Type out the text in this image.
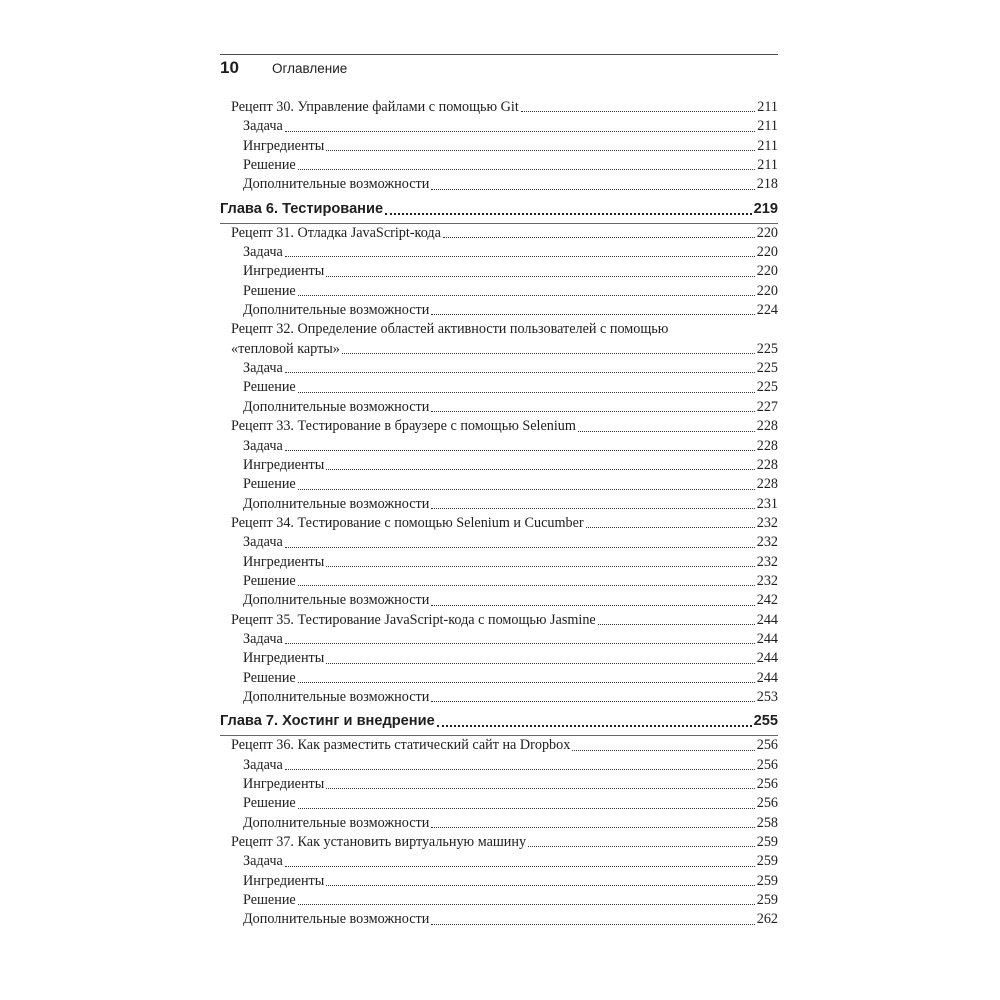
10	Оглавление
Рецепт 30. Управление файлами с помощью Git	211
Задача	211
Ингредиенты	211
Решение	211
Дополнительные возможности	218
Глава 6. Тестирование	219
Рецепт 31. Отладка JavaScript-кода	220
Задача	220
Ингредиенты	220
Решение	220
Дополнительные возможности	224
Рецепт 32. Определение областей активности пользователей с помощью
«тепловой карты»	225
Задача	225
Решение	225
Дополнительные возможности	227
Рецепт 33. Тестирование в браузере с помощью Selenium	228
Задача	228
Ингредиенты	228
Решение	228
Дополнительные возможности	231
Рецепт 34. Тестирование с помощью Selenium и Cucumber	232
Задача	232
Ингредиенты	232
Решение	232
Дополнительные возможности	242
Рецепт 35. Тестирование JavaScript-кода с помощью Jasmine	244
Задача	244
Ингредиенты	244
Решение	244
Дополнительные возможности	253
Глава 7. Хостинг и внедрение	255
Рецепт 36. Как разместить статический сайт на Dropbox	256
Задача	256
Ингредиенты	256
Решение	256
Дополнительные возможности	258
Рецепт 37. Как установить виртуальную машину	259
Задача	259
Ингредиенты	259
Решение	259
Дополнительные возможности	262
